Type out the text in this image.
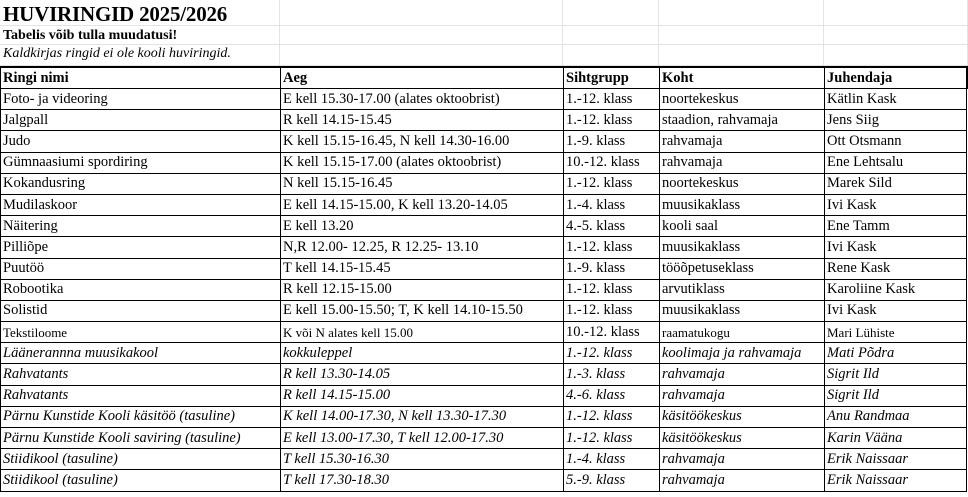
HUVIRINGID 2025/2026
Tabelis võib tulla muudatusi!
Kaldkirjas ringid ei ole kooli huviringid.
Ringi nimi	Aeg	Sihtgrupp	Koht	Juhendaja
Foto- ja videoring	E kell 15.30-17.00 (alates oktoobrist)	1.-12. klass	noortekeskus	Kätlin Kask
Jalgpall	R kell 14.15-15.45	1.-12. klass	staadion, rahvamaja	Jens Siig
Judo	K kell 15.15-16.45, N kell 14.30-16.00	1.-9. klass	rahvamaja	Ott Otsmann
Gümnaasiumi spordiring	K kell 15.15-17.00 (alates oktoobrist)	10.-12. klass	rahvamaja	Ene Lehtsalu
Kokandusring	N kell 15.15-16.45	1.-12. klass	noortekeskus	Marek Sild
Mudilaskoor	E kell 14.15-15.00, K kell 13.20-14.05	1.-4. klass	muusikaklass	Ivi Kask
Näitering	E kell 13.20	4.-5. klass	kooli saal	Ene Tamm
Pilliõpe	N,R 12.00- 12.25, R 12.25- 13.10	1.-12. klass	muusikaklass	Ivi Kask
Puutöö	T kell 14.15-15.45	1.-9. klass	tööõpetuseklass	Rene Kask
Robootika	R kell 12.15-15.00	1.-12. klass	arvutiklass	Karoliine Kask
Solistid	E kell 15.00-15.50; T, K kell 14.10-15.50	1.-12. klass	muusikaklass	Ivi Kask
Tekstiloome	K või N alates kell 15.00	10.-12. klass	raamatukogu	Mari Lühiste
Läänerannna muusikakool	kokkuleppel	1.-12. klass	koolimaja ja rahvamaja	Mati Põdra
Rahvatants	R kell 13.30-14.05	1.-3. klass	rahvamaja	Sigrit Ild
Rahvatants	R kell 14.15-15.00	4.-6. klass	rahvamaja	Sigrit Ild
Pärnu Kunstide Kooli käsitöö (tasuline)	K kell 14.00-17.30, N kell 13.30-17.30	1.-12. klass	käsitöökeskus	Anu Randmaa
Pärnu Kunstide Kooli saviring (tasuline)	E kell 13.00-17.30, T kell 12.00-17.30	1.-12. klass	käsitöökeskus	Karin Vääna
Stiidikool (tasuline)	T kell 15.30-16.30	1.-4. klass	rahvamaja	Erik Naissaar
Stiidikool (tasuline)	T kell 17.30-18.30	5.-9. klass	rahvamaja	Erik Naissaar
